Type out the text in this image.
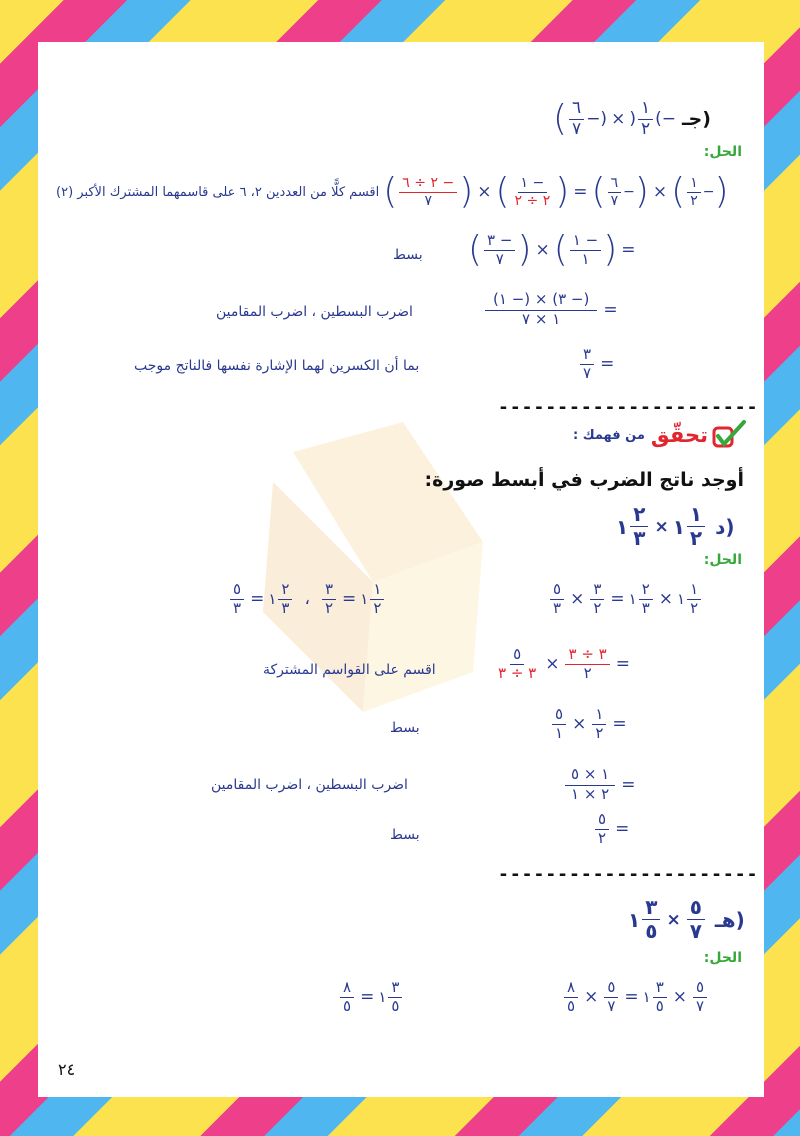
( $\frac{٦}{٧}$ −) × ) $\frac{١}{٢}$ (− جـ)
الحل:
اقسم كلًّا من العددين ٢، ٦ على قاسمهما المشترك الأكبر (٢) ( $\frac{٢ \div ٦ -}{٧}$ ) × ( $\frac{١ -}{٢ \div ٢}$ ) = ( $\frac{٦}{٧}$ − ) × ( $\frac{١}{٢}$ − )
( $\frac{٣ -}{٧}$ ) × ( $\frac{١ -}{١}$ ) =
بسط
$\frac{(١ -) \times (٣ -)}{١ \times ٧}$ =
اضرب البسطين ، اضرب المقامين
$\frac{٣}{٧}$ =
بما أن الكسرين لهما الإشارة نفسها فالناتج موجب
----------------------
تحقّق
من فهمك :
أوجد ناتج الضرب في أبسط صورة:
١ $\frac{٢}{٣}$ × ١ $\frac{١}{٢}$ د)
الحل:
$\frac{٥}{٣} \times \frac{٣}{٢}$ = ١ $\frac{٢}{٣}$ × ١ $\frac{١}{٢}$
$\frac{٥}{٣}$ = ١ $\frac{٢}{٣}$ ، $\frac{٣}{٢}$ = ١ $\frac{١}{٢}$
$\frac{٥}{٣ \div ٣} \times \frac{٣ \div ٣}{٢}$ =
اقسم على القواسم المشتركة
$\frac{٥}{١} \times \frac{١}{٢}$ =
بسط
$\frac{١ \times ٥}{٢ \times ١}$ =
اضرب البسطين ، اضرب المقامين
$\frac{٥}{٢}$ =
بسط
----------------------
١ $\frac{٣}{٥} \times \frac{٥}{٧}$ هـ)
الحل:
$\frac{٨}{٥} \times \frac{٥}{٧}$ = ١ $\frac{٣}{٥} \times \frac{٥}{٧}$
$\frac{٨}{٥}$ = ١ $\frac{٣}{٥}$
٢٤
